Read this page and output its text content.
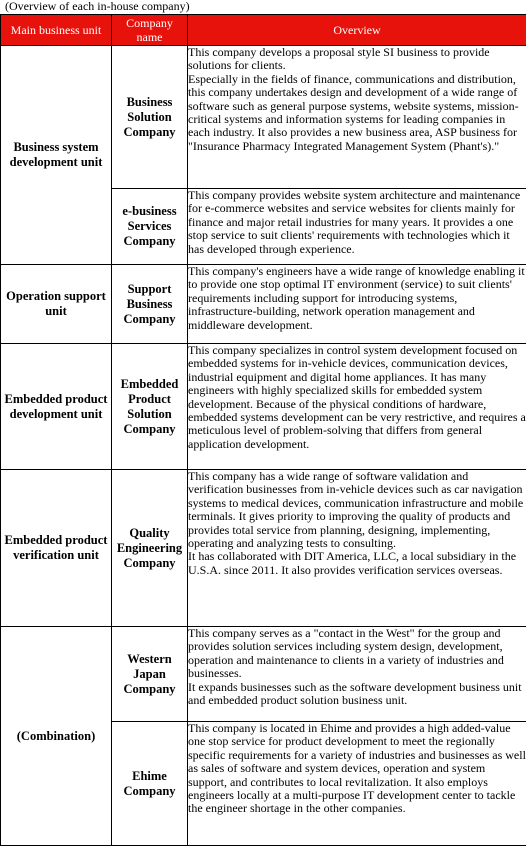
(Overview of each in-house company)
Main business unit	Company name	Overview
Business system development unit	Business Solution Company	This company develops a proposal style SI business to provide solutions for clients.
Especially in the fields of finance, communications and distribution, this company undertakes design and development of a wide range of software such as general purpose systems, website systems, mission-critical systems and information systems for leading companies in each industry. It also provides a new business area, ASP business for "Insurance Pharmacy Integrated Management System (Phant's)."

	e-business Services Company	This company provides website system architecture and maintenance for e-commerce websites and service websites for clients mainly for finance and major retail industries for many years. It provides a one stop service to suit clients' requirements with technologies which it has developed through experience.

Operation support unit	Support Business Company	This company's engineers have a wide range of knowledge enabling it to provide one stop optimal IT environment (service) to suit clients' requirements including support for introducing systems, infrastructure-building, network operation management and middleware development.

Embedded product development unit	Embedded Product Solution Company	This company specializes in control system development focused on embedded systems for in-vehicle devices, communication devices, industrial equipment and digital home appliances. It has many engineers with highly specialized skills for embedded system development. Because of the physical conditions of hardware, embedded systems development can be very restrictive, and requires a meticulous level of problem-solving that differs from general application development.

Embedded product verification unit	Quality Engineering Company	This company has a wide range of software validation and verification businesses from in-vehicle devices such as car navigation systems to medical devices, communication infrastructure and mobile terminals. It gives priority to improving the quality of products and provides total service from planning, designing, implementing, operating and analyzing tests to consulting.
It has collaborated with DIT America, LLC, a local subsidiary in the U.S.A. since 2011. It also provides verification services overseas.

(Combination)	Western Japan Company	This company serves as a "contact in the West" for the group and provides solution services including system design, development, operation and maintenance to clients in a variety of industries and businesses.
It expands businesses such as the software development business unit and embedded product solution business unit.

	Ehime Company	This company is located in Ehime and provides a high added-value one stop service for product development to meet the regionally specific requirements for a variety of industries and businesses as well as sales of software and system devices, operation and system support, and contributes to local revitalization. It also employs engineers locally at a multi-purpose IT development center to tackle the engineer shortage in the other companies.
